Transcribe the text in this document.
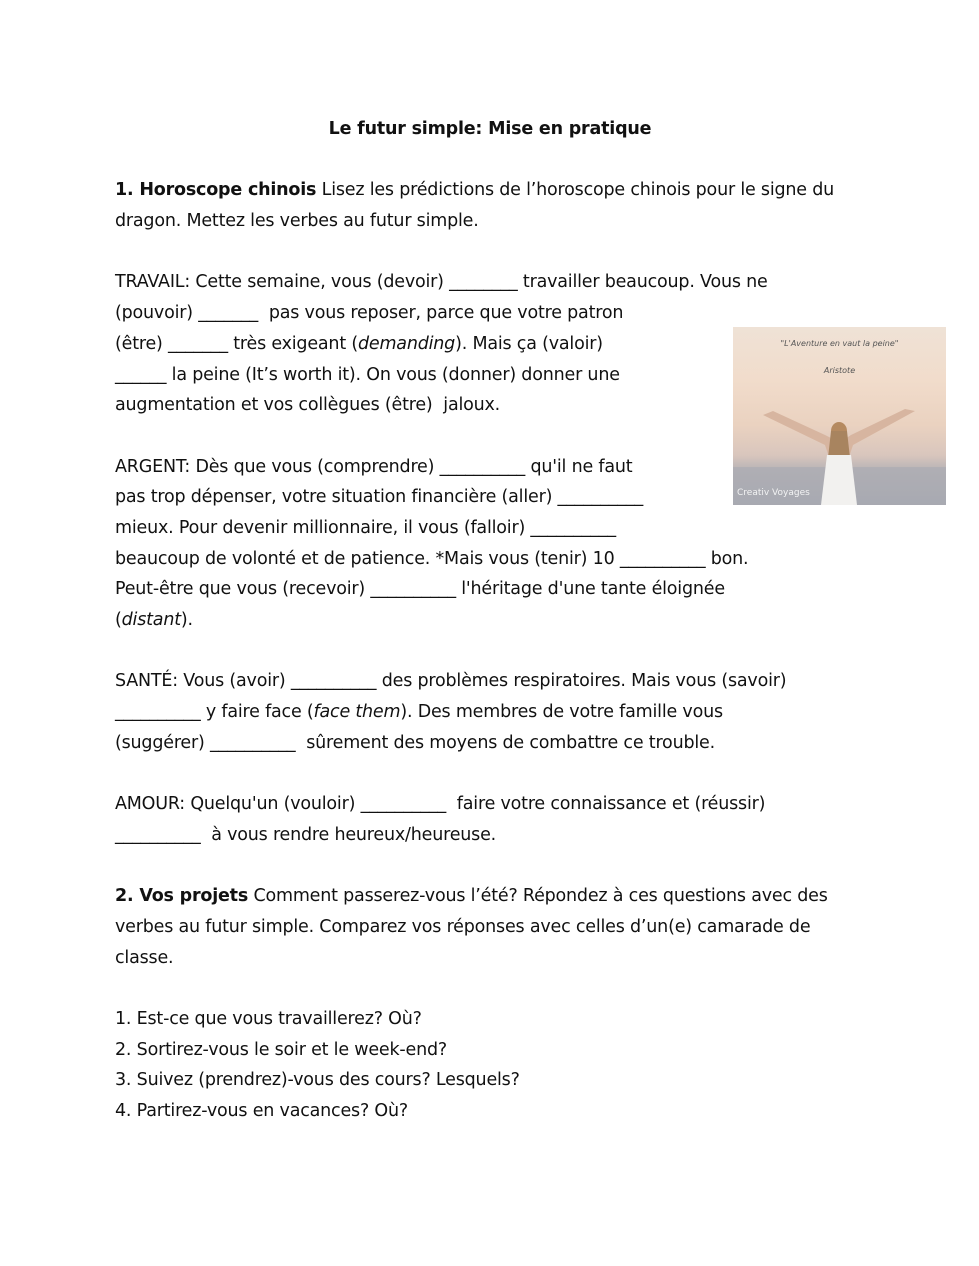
Le futur simple: Mise en pratique
1. Horoscope chinois Lisez les prédictions de l’horoscope chinois pour le signe du
dragon. Mettez les verbes au futur simple.
TRAVAIL: Cette semaine, vous (devoir) ________ travailler beaucoup. Vous ne
(pouvoir) _______  pas vous reposer, parce que votre patron
(être) _______ très exigeant (demanding). Mais ça (valoir)
______ la peine (It’s worth it). On vous (donner) donner une
augmentation et vos collègues (être)  jaloux.
ARGENT: Dès que vous (comprendre) __________ qu'il ne faut
pas trop dépenser, votre situation financière (aller) __________
mieux. Pour devenir millionnaire, il vous (falloir) __________
beaucoup de volonté et de patience. *Mais vous (tenir) 10 __________ bon.
Peut-être que vous (recevoir) __________ l'héritage d'une tante éloignée
(distant).
SANTÉ: Vous (avoir) __________ des problèmes respiratoires. Mais vous (savoir)
__________ y faire face (face them). Des membres de votre famille vous
(suggérer) __________  sûrement des moyens de combattre ce trouble.
AMOUR: Quelqu'un (vouloir) __________  faire votre connaissance et (réussir)
__________  à vous rendre heureux/heureuse.
2. Vos projets Comment passerez-vous l’été? Répondez à ces questions avec des
verbes au futur simple. Comparez vos réponses avec celles d’un(e) camarade de
classe.
1. Est-ce que vous travaillerez? Où?
2. Sortirez-vous le soir et le week-end?
3. Suivez (prendrez)-vous des cours? Lesquels?
4. Partirez-vous en vacances? Où?
"L'Aventure en vaut la peine"
Aristote
Creativ Voyages
